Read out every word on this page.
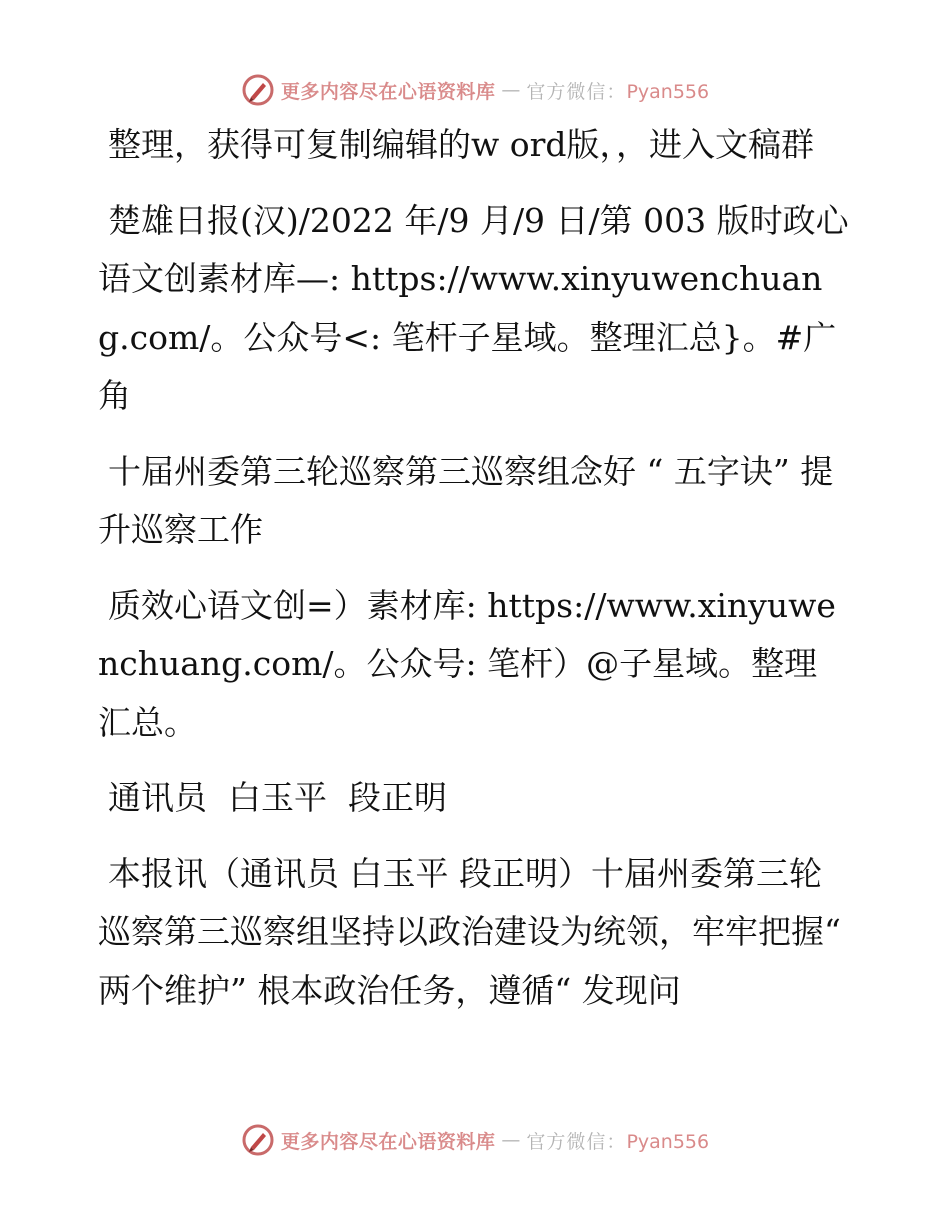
更多内容尽在心语资料库 — 官方微信：Pyan556

整理，获得可复制编辑的w ord版，，进入文稿群

楚雄日报(汉)/2022 年/9 月/9 日/第 003 版时政心语文创素材库—: https://www.xinyuwenchuang.com/。公众号<: 笔杆子星域。整理汇总}。#广角

十届州委第三轮巡察第三巡察组念好 “ 五字诀” 提升巡察工作

质效心语文创=）素材库: https://www.xinyuwenchuang.com/。公众号: 笔杆）@子星域。整理汇总。

通讯员  白玉平  段正明

本报讯（通讯员 白玉平 段正明）十届州委第三轮巡察第三巡察组坚持以政治建设为统领，牢牢把握“ 两个维护” 根本政治任务，遵循“ 发现问

更多内容尽在心语资料库 — 官方微信：Pyan556
